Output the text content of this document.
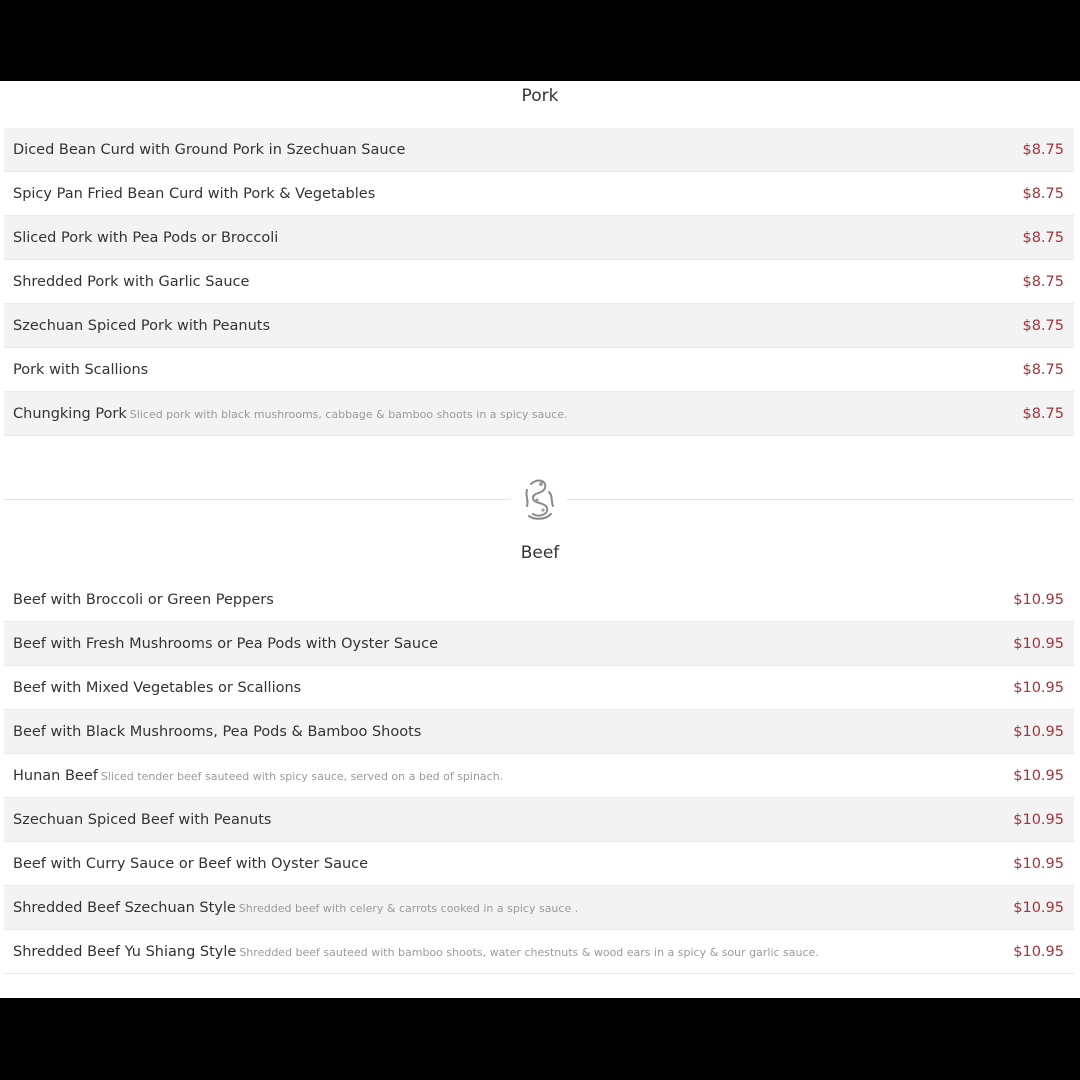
Pork
Diced Bean Curd with Ground Pork in Szechuan Sauce	$8.75
Spicy Pan Fried Bean Curd with Pork & Vegetables	$8.75
Sliced Pork with Pea Pods or Broccoli	$8.75
Shredded Pork with Garlic Sauce	$8.75
Szechuan Spiced Pork with Peanuts	$8.75
Pork with Scallions	$8.75
Chungking Pork Sliced pork with black mushrooms, cabbage & bamboo shoots in a spicy sauce.	$8.75
Beef
Beef with Broccoli or Green Peppers	$10.95
Beef with Fresh Mushrooms or Pea Pods with Oyster Sauce	$10.95
Beef with Mixed Vegetables or Scallions	$10.95
Beef with Black Mushrooms, Pea Pods & Bamboo Shoots	$10.95
Hunan Beef Sliced tender beef sauteed with spicy sauce, served on a bed of spinach.	$10.95
Szechuan Spiced Beef with Peanuts	$10.95
Beef with Curry Sauce or Beef with Oyster Sauce	$10.95
Shredded Beef Szechuan Style Shredded beef with celery & carrots cooked in a spicy sauce .	$10.95
Shredded Beef Yu Shiang Style Shredded beef sauteed with bamboo shoots, water chestnuts & wood ears in a spicy & sour garlic sauce.	$10.95
